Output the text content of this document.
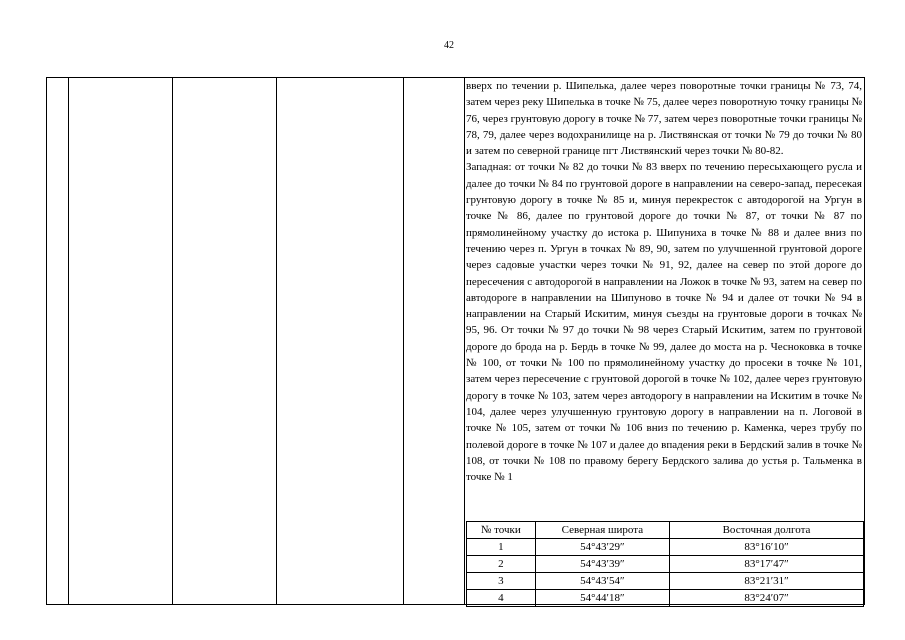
42

вверх по течении р. Шипелька, далее через поворотные точки границы № 73, 74, затем через реку Шипелька в точке № 75, далее через поворотную точку границы № 76, через грунтовую дорогу в точке № 77, затем через поворотные точки границы № 78, 79, далее через водохранилище на р. Листвянская от точки № 79 до точки № 80 и затем по северной границе пгт Листвянский через точки № 80-82.

Западная: от точки № 82 до точки № 83 вверх по течению пересыхающего русла и далее до точки № 84 по грунтовой дороге в направлении на северо-запад, пересекая грунтовую дорогу в точке № 85 и, минуя перекресток с автодорогой на Ургун в точке № 86, далее по грунтовой дороге до точки № 87, от точки № 87 по прямолинейному участку до истока р. Шипуниха в точке № 88 и далее вниз по течению через п. Ургун в точках № 89, 90, затем по улучшенной грунтовой дороге через садовые участки через точки № 91, 92, далее на север по этой дороге до пересечения с автодорогой в направлении на Ложок в точке № 93, затем на север по автодороге в направлении на Шипуново в точке № 94 и далее от точки № 94 в направлении на Старый Искитим, минуя съезды на грунтовые дороги в точках № 95, 96. От точки № 97 до точки № 98 через Старый Искитим, затем по грунтовой дороге до брода на р. Бердь в точке № 99, далее до моста на р. Чесноковка в точке № 100, от точки № 100 по прямолинейному участку до просеки в точке № 101, затем через пересечение с грунтовой дорогой в точке № 102, далее через грунтовую дорогу в точке № 103, затем через автодорогу в направлении на Искитим в точке № 104, далее через улучшенную грунтовую дорогу в направлении на п. Логовой в точке № 105, затем от точки № 106 вниз по течению р. Каменка, через трубу по полевой дороге в точке № 107 и далее до впадения реки в Бердский залив в точке № 108, от точки № 108 по правому берегу Бердского залива до устья р. Тальменка в точке № 1

№ точки	Северная широта	Восточная долгота
1	54°43′29″	83°16′10″
2	54°43′39″	83°17′47″
3	54°43′54″	83°21′31″
4	54°44′18″	83°24′07″
